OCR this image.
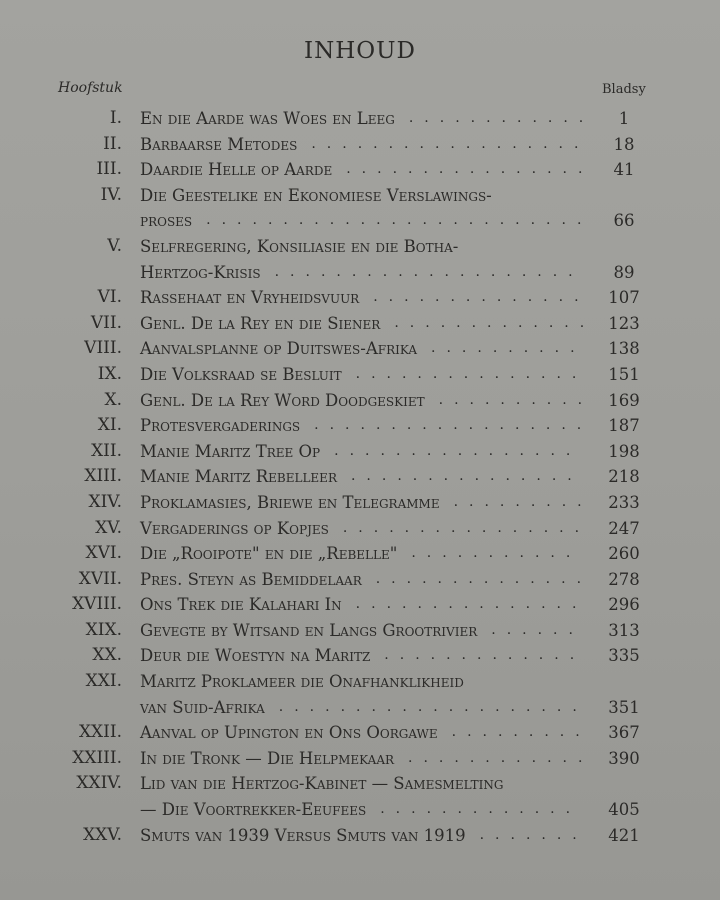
INHOUD
Hoofstuk	Bladsy
I. En die Aarde was Woes en Leeg ............	1
II. Barbaarse Metodes ..................	18
III. Daardie Helle op Aarde ................	41
IV. Die Geestelike en Ekonomiese Verslawings-
proses .........................	66
V. Selfregering, Konsiliasie en die Botha-
Hertzog-Krisis ....................	89
VI. Rassehaat en Vryheidsvuur .............. 107
VII. Genl. De la Rey en die Siener ............. 123
VIII. Aanvalsplanne op Duitswes-Afrika .......... 138
IX. Die Volksraad se Besluit ............... 151
X. Genl. De la Rey Word Doodgeskiet .......... 169
XI. Protesvergaderings .................. 187
XII. Manie Maritz Tree Op ................ 198
XIII. Manie Maritz Rebelleer ............... 218
XIV. Proklamasies, Briewe en Telegramme ......... 233
XV. Vergaderings op Kopjes ................ 247
XVI. Die „Rooipote" en die „Rebelle" ........... 260
XVII. Pres. Steyn as Bemiddelaar .............. 278
XVIII. Ons Trek die Kalahari In ............... 296
XIX. Gevegte by Witsand en Langs Grootrivier ...... 313
XX. Deur die Woestyn na Maritz ............. 335
XXI. Maritz Proklameer die Onafhanklikheid
van Suid-Afrika .................... 351
XXII. Aanval op Upington en Ons Oorgawe ......... 367
XXIII. In die Tronk — Die Helpmekaar ............ 390
XXIV. Lid van die Hertzog-Kabinet — Samesmelting
— Die Voortrekker-Eeufees ............. 405
XXV. Smuts van 1939 Versus Smuts van 1919 ....... 421
